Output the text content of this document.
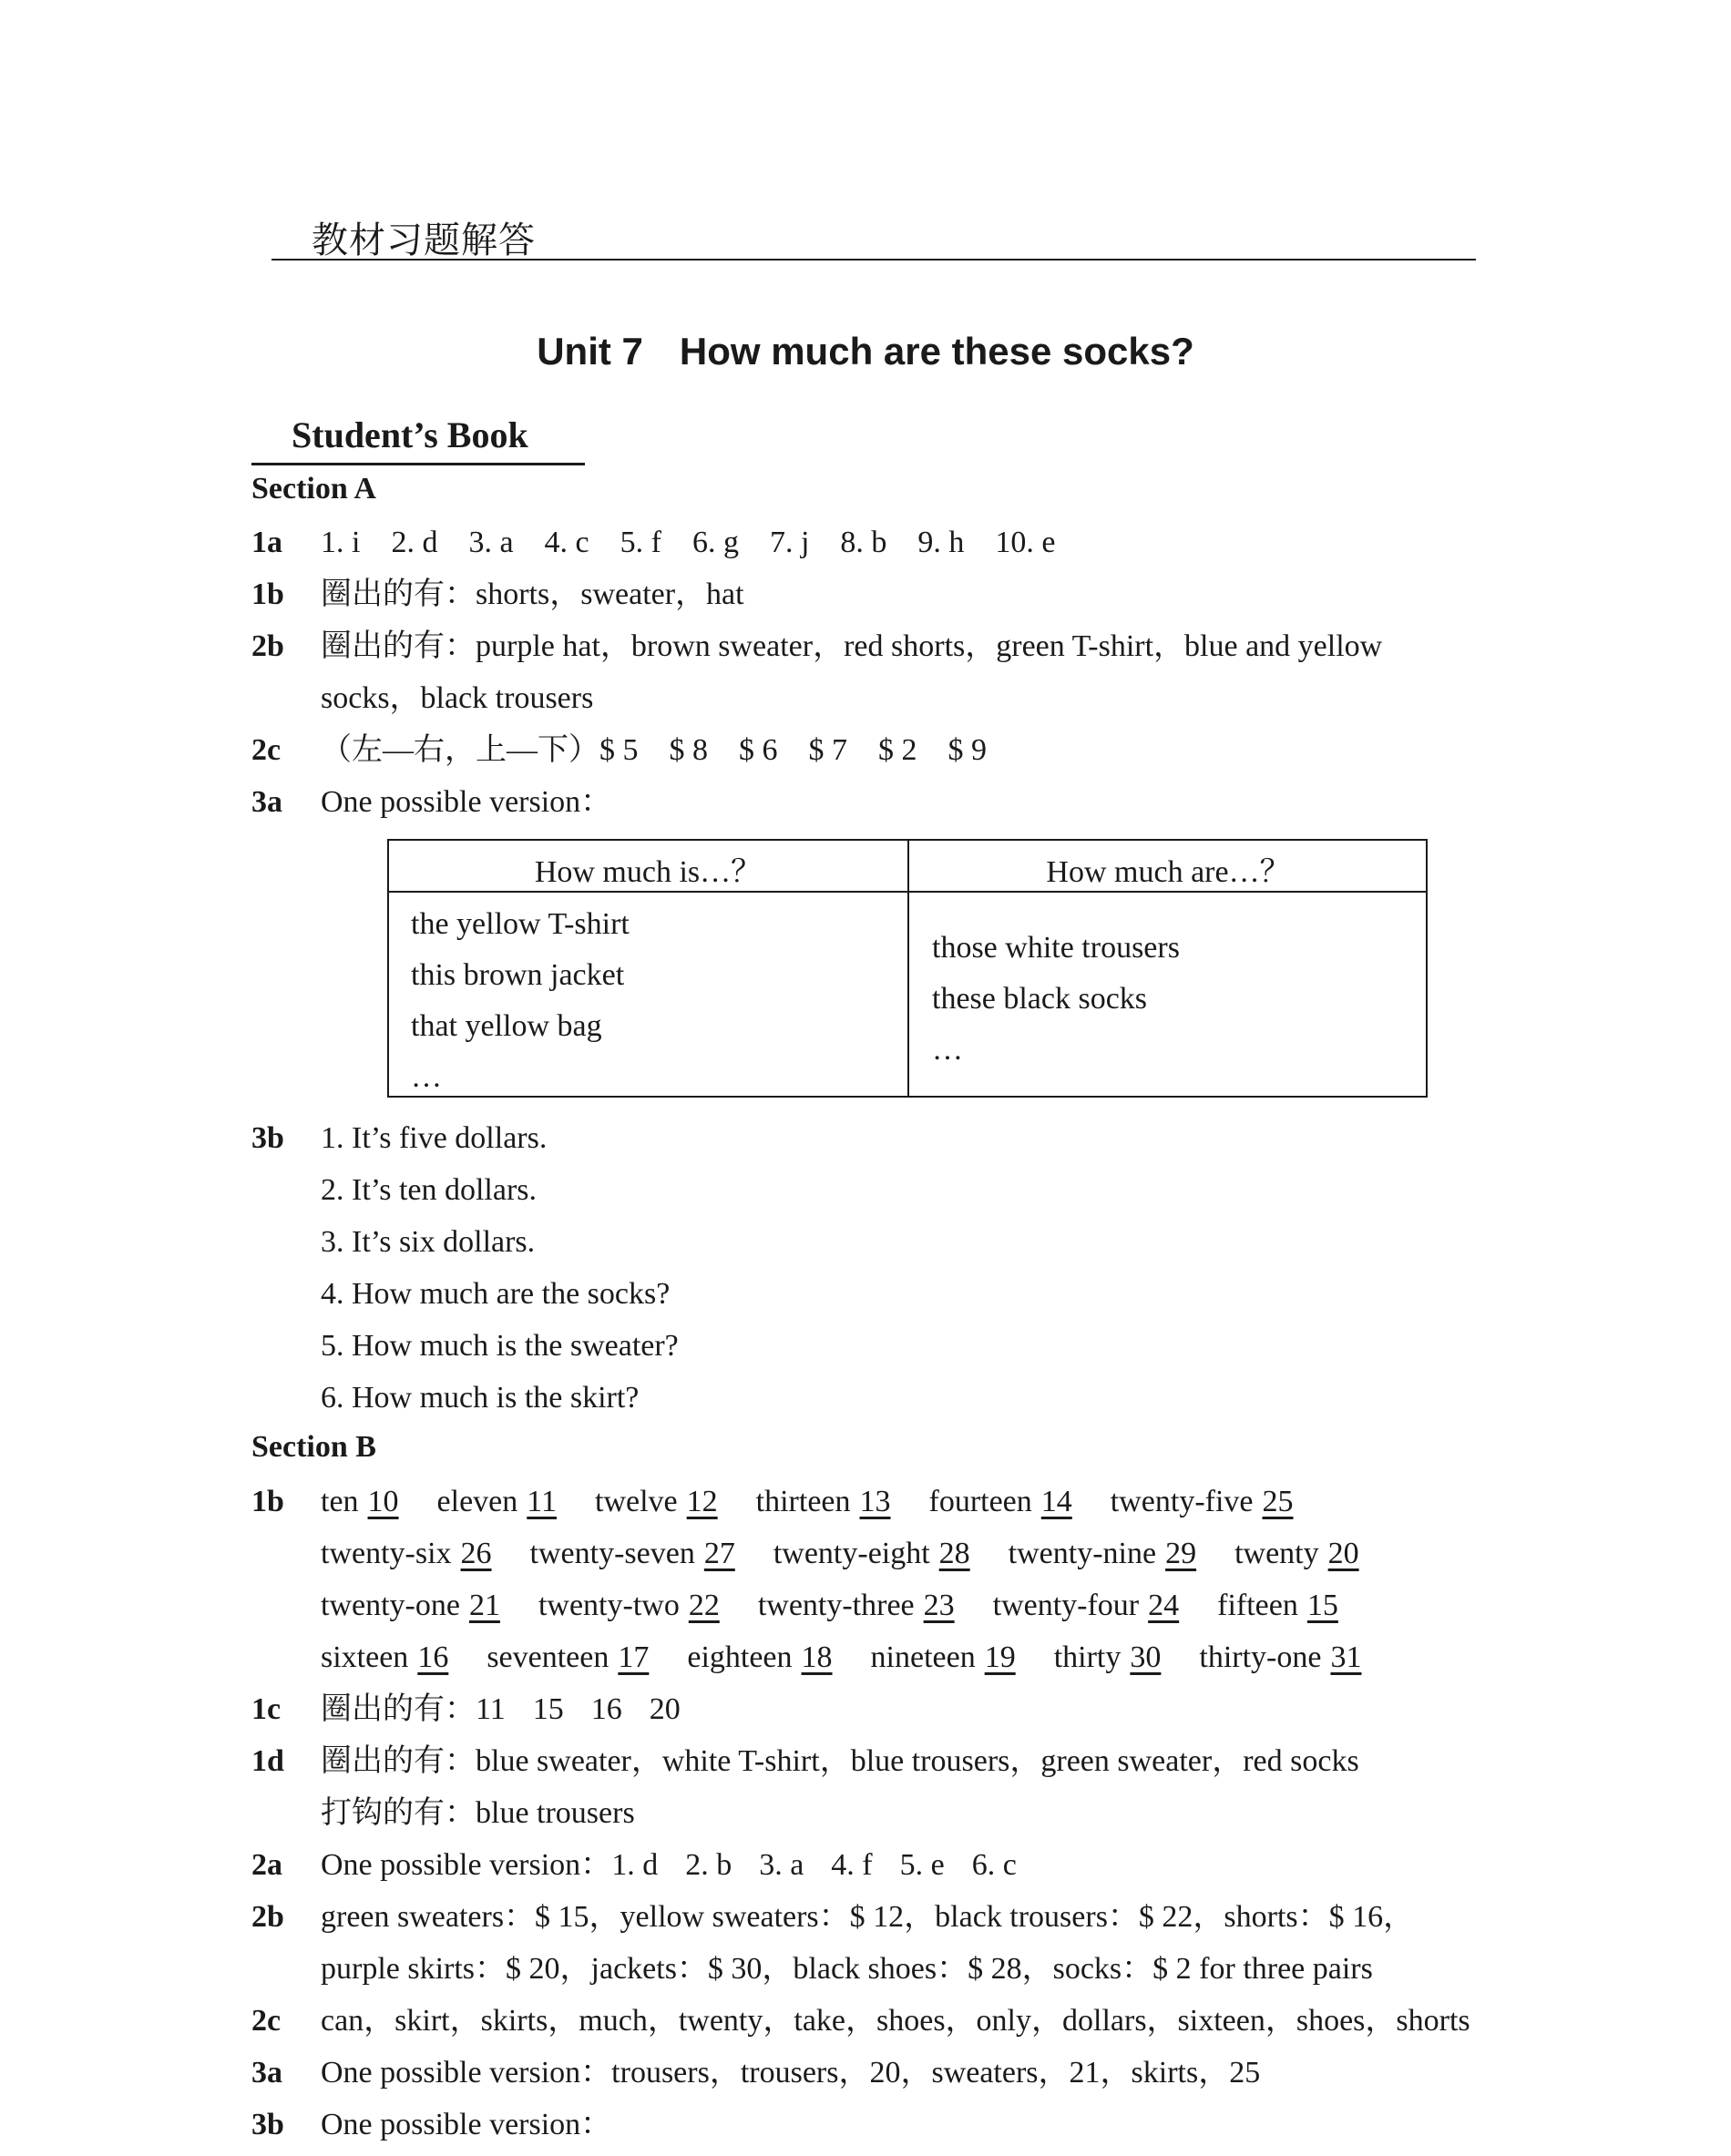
教材习题解答
Unit 7 How much are these socks?
Student’s Book
Section A
1a 1. i 2. d 3. a 4. c 5. f 6. g 7. j 8. b 9. h 10. e
1b 圈出的有：shorts，sweater，hat
2b 圈出的有：purple hat，brown sweater，red shorts，green T-shirt，blue and yellow
socks，black trousers
2c （左—右，上—下）$ 5 $ 8 $ 6 $ 7 $ 2 $ 9
3a One possible version：
How much is…？	How much are…？
the yellow T-shirt
this brown jacket
that yellow bag
…
those white trousers
these black socks
…
3b 1. It’s five dollars.
2. It’s ten dollars.
3. It’s six dollars.
4. How much are the socks?
5. How much is the sweater?
6. How much is the skirt?
Section B
1b ten 10 eleven 11 twelve 12 thirteen 13 fourteen 14 twenty-five 25
twenty-six 26 twenty-seven 27 twenty-eight 28 twenty-nine 29 twenty 20
twenty-one 21 twenty-two 22 twenty-three 23 twenty-four 24 fifteen 15
sixteen 16 seventeen 17 eighteen 18 nineteen 19 thirty 30 thirty-one 31
1c 圈出的有：11 15 16 20
1d 圈出的有：blue sweater，white T-shirt，blue trousers，green sweater，red socks
打钩的有：blue trousers
2a One possible version：1. d 2. b 3. a 4. f 5. e 6. c
2b green sweaters：$ 15，yellow sweaters：$ 12，black trousers：$ 22，shorts：$ 16，
purple skirts：$ 20，jackets：$ 30，black shoes：$ 28，socks：$ 2 for three pairs
2c can，skirt，skirts，much，twenty，take，shoes，only，dollars，sixteen，shoes，shorts
3a One possible version：trousers，trousers，20，sweaters，21，skirts，25
3b One possible version：
